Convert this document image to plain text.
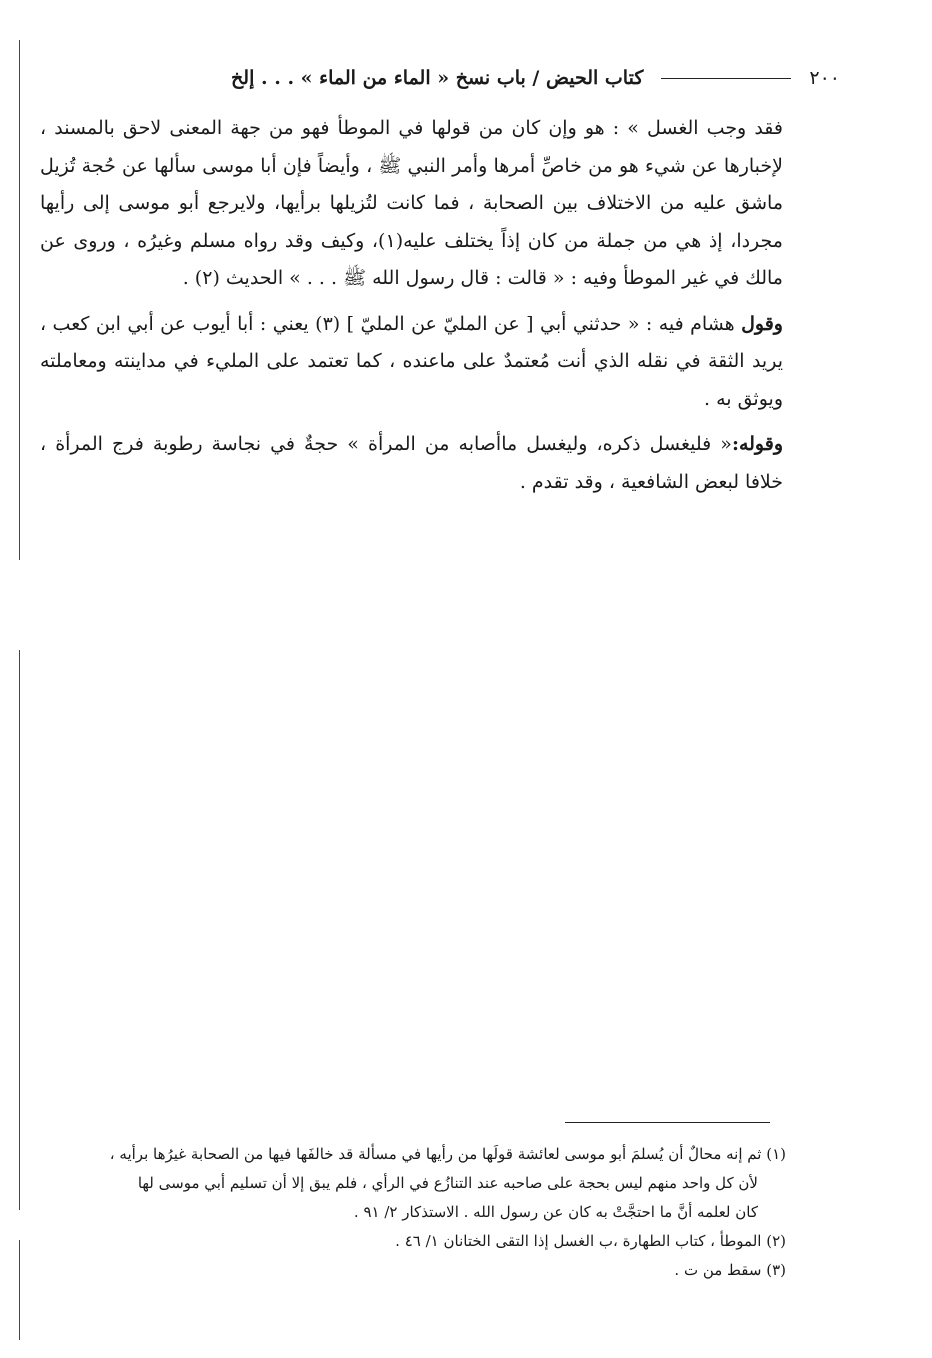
٢٠٠
كتاب الحيض / باب نسخ « الماء من الماء » . . . إلخ

فقد وجب الغسل » : هو وإن كان من قولها في الموطأ فهو من جهة المعنى لاحق بالمسند ، لإخبارها عن شيء هو من خاصِّ أمرها وأمر النبي ﷺ ، وأيضاً فإن أبا موسى سألها عن حُجة تُزيل ماشق عليه من الاختلاف بين الصحابة ، فما كانت لتُزيلها برأيها، ولايرجع أبو موسى إلى رأيها مجردا، إذ هي من جملة من كان إذاً يختلف عليه(١)، وكيف وقد رواه مسلم وغيرُه ، وروى عن مالك في غير الموطأ وفيه : « قالت : قال رسول الله ﷺ . . . » الحديث (٢) .

وقول هشام فيه : « حدثني أبي [ عن المليّ عن المليّ ] (٣) يعني : أبا أيوب عن أبي ابن كعب ، يريد الثقة في نقله الذي أنت مُعتمدٌ على ماعنده ، كما تعتمد على المليء في مداينته ومعاملته ويوثق به .

وقوله:« فليغسل ذكره، وليغسل ماأصابه من المرأة » حجةٌ في نجاسة رطوبة فرج المرأة ، خلافا لبعض الشافعية ، وقد تقدم .

(١) ثم إنه محالٌ أن يُسلمَ أبو موسى لعائشة قولَها من رأيها في مسألة قد خالفَها فيها من الصحابة غيرُها برأيه ،

لأن كل واحد منهم ليس بحجة على صاحبه عند التنازُع في الرأي ، فلم يبق إلا أن تسليم أبي موسى لها

كان لعلمه أنَّ ما احتجَّتْ به كان عن رسول الله . الاستذكار ٢/ ٩١ .

(٢) الموطأ ، كتاب الطهارة ،ب الغسل إذا التقى الختانان ١/ ٤٦ .

(٣) سقط من ت .
